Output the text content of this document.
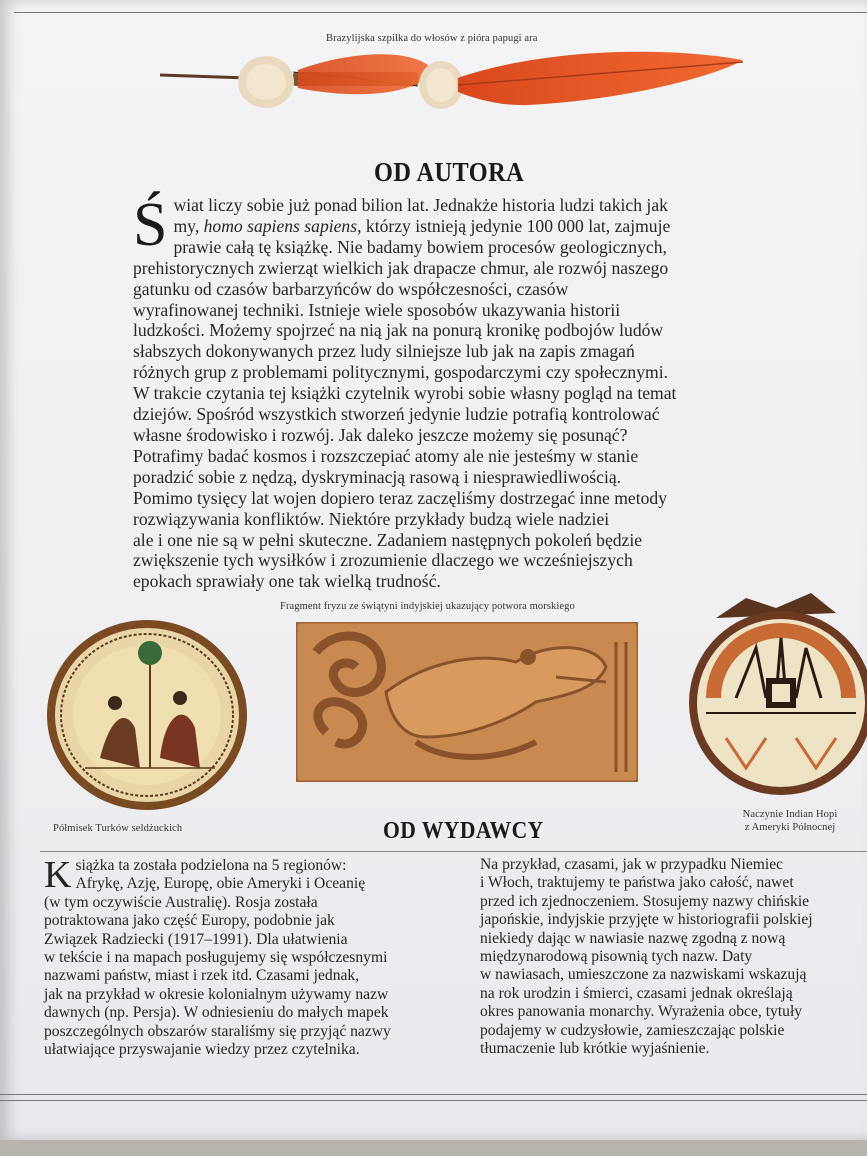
Brazylijska szpilka do włosów z pióra papugi ara
OD AUTORA
Ś wiat liczy sobie już ponad bilion lat. Jednakże historia ludzi takich jak
my, homo sapiens sapiens, którzy istnieją jedynie 100 000 lat, zajmuje
prawie całą tę książkę. Nie badamy bowiem procesów geologicznych,
prehistorycznych zwierząt wielkich jak drapacze chmur, ale rozwój naszego
gatunku od czasów barbarzyńców do współczesności, czasów
wyrafinowanej techniki. Istnieje wiele sposobów ukazywania historii
ludzkości. Możemy spojrzeć na nią jak na ponurą kronikę podbojów ludów
słabszych dokonywanych przez ludy silniejsze lub jak na zapis zmagań
różnych grup z problemami politycznymi, gospodarczymi czy społecznymi.
W trakcie czytania tej książki czytelnik wyrobi sobie własny pogląd na temat
dziejów. Spośród wszystkich stworzeń jedynie ludzie potrafią kontrolować
własne środowisko i rozwój. Jak daleko jeszcze możemy się posunąć?
Potrafimy badać kosmos i rozszczepiać atomy ale nie jesteśmy w stanie
poradzić sobie z nędzą, dyskryminacją rasową i niesprawiedliwością.
Pomimo tysięcy lat wojen dopiero teraz zaczęliśmy dostrzegać inne metody
rozwiązywania konfliktów. Niektóre przykłady budzą wiele nadziei
ale i one nie są w pełni skuteczne. Zadaniem następnych pokoleń będzie
zwiększenie tych wysiłków i zrozumienie dlaczego we wcześniejszych
epokach sprawiały one tak wielką trudność.
Fragment fryzu ze świątyni indyjskiej ukazujący potwora morskiego
Półmisek Turków seldżuckich
Naczynie Indian Hopi
z Ameryki Północnej
OD WYDAWCY
K siążka ta została podzielona na 5 regionów:
Afrykę, Azję, Europę, obie Ameryki i Oceanię
(w tym oczywiście Australię). Rosja została
potraktowana jako część Europy, podobnie jak
Związek Radziecki (1917–1991). Dla ułatwienia
w tekście i na mapach posługujemy się współczesnymi
nazwami państw, miast i rzek itd. Czasami jednak,
jak na przykład w okresie kolonialnym używamy nazw
dawnych (np. Persja). W odniesieniu do małych mapek
poszczególnych obszarów staraliśmy się przyjąć nazwy
ułatwiające przyswajanie wiedzy przez czytelnika.
Na przykład, czasami, jak w przypadku Niemiec
i Włoch, traktujemy te państwa jako całość, nawet
przed ich zjednoczeniem. Stosujemy nazwy chińskie
japońskie, indyjskie przyjęte w historiografii polskiej
niekiedy dając w nawiasie nazwę zgodną z nową
międzynarodową pisownią tych nazw. Daty
w nawiasach, umieszczone za nazwiskami wskazują
na rok urodzin i śmierci, czasami jednak określają
okres panowania monarchy. Wyrażenia obce, tytuły
podajemy w cudzysłowie, zamieszczając polskie
tłumaczenie lub krótkie wyjaśnienie.
